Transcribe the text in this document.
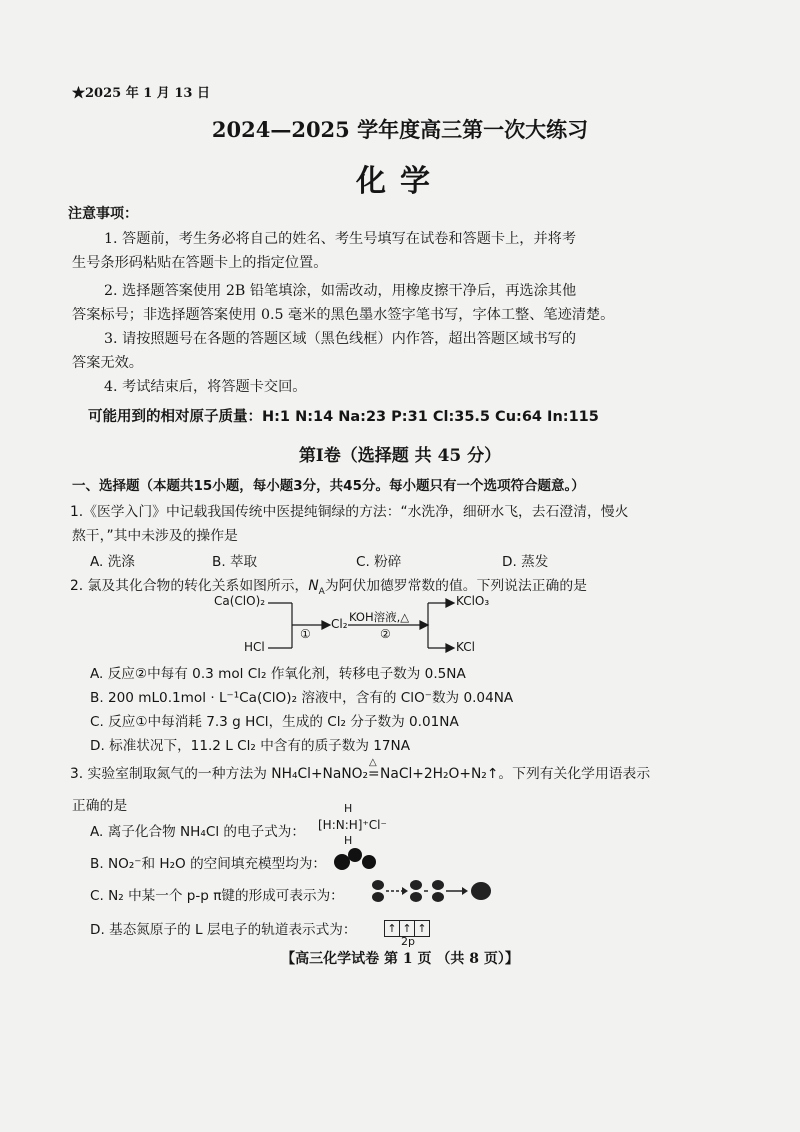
★2025 年 1 月 13 日
2024—2025 学年度高三第一次大练习
化学
注意事项：
1. 答题前，考生务必将自己的姓名、考生号填写在试卷和答题卡上，并将考
生号条形码粘贴在答题卡上的指定位置。
2. 选择题答案使用 2B 铅笔填涂，如需改动，用橡皮擦干净后，再选涂其他
答案标号；非选择题答案使用 0.5 毫米的黑色墨水签字笔书写，字体工整、笔迹清楚。
3. 请按照题号在各题的答题区域（黑色线框）内作答，超出答题区域书写的
答案无效。
4. 考试结束后，将答题卡交回。
可能用到的相对原子质量：H:1 N:14 Na:23 P:31 Cl:35.5 Cu:64 In:115
第Ⅰ卷（选择题 共 45 分）
一、选择题（本题共15小题，每小题3分，共45分。每小题只有一个选项符合题意。）
1.《医学入门》中记载我国传统中医提纯铜绿的方法：“水洗净，细研水飞，去石澄清，慢火
熬干，”其中未涉及的操作是
A. 洗涤	B. 萃取	C. 粉碎	D. 蒸发
2. 氯及其化合物的转化关系如图所示，$N_A$为阿伏加德罗常数的值。下列说法正确的是
Ca(ClO)₂
HCl
①
Cl₂ KOH溶液,△
②
KClO₃
KCl
A. 反应②中每有 0.3 mol Cl₂ 作氧化剂，转移电子数为 0.5NA
B. 200 mL0.1mol · L⁻¹Ca(ClO)₂ 溶液中，含有的 ClO⁻数为 0.04NA
C. 反应①中每消耗 7.3 g HCl，生成的 Cl₂ 分子数为 0.01NA
D. 标准状况下，11.2 L Cl₂ 中含有的质子数为 17NA
3. 实验室制取氮气的一种方法为 NH₄Cl+NaNO₂
△
=NaCl+2H₂O+N₂↑。下列有关化学用语表示
正确的是
A. 离子化合物 NH₄Cl 的电子式为：
H
[H:N:H]⁺Cl⁻
H
B. NO₂⁻和 H₂O 的空间填充模型均为：
C. N₂ 中某一个 p-p π键的形成可表示为：
D. 基态氮原子的 L 层电子的轨道表示式为：	↑ ↑ ↑
2p
【高三化学试卷 第 1 页 （共 8 页）】
